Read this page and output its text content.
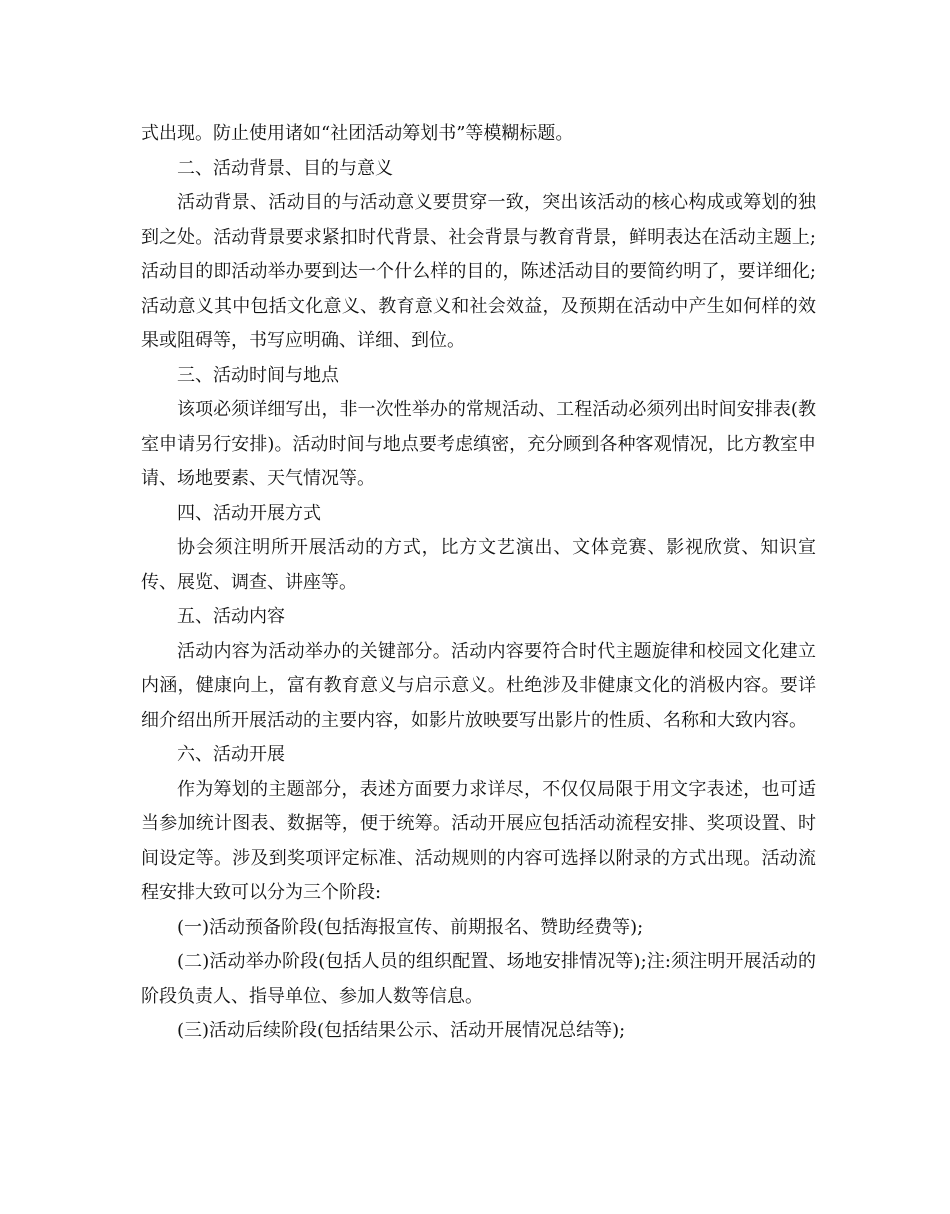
式出现。防止使用诸如“社团活动筹划书”等模糊标题。

二、活动背景、目的与意义

活动背景、活动目的与活动意义要贯穿一致，突出该活动的核心构成或筹划的独到之处。活动背景要求紧扣时代背景、社会背景与教育背景，鲜明表达在活动主题上;活动目的即活动举办要到达一个什么样的目的，陈述活动目的要简约明了，要详细化;活动意义其中包括文化意义、教育意义和社会效益，及预期在活动中产生如何样的效果或阻碍等，书写应明确、详细、到位。

三、活动时间与地点

该项必须详细写出，非一次性举办的常规活动、工程活动必须列出时间安排表(教室申请另行安排)。活动时间与地点要考虑缜密，充分顾到各种客观情况，比方教室申请、场地要素、天气情况等。

四、活动开展方式

协会须注明所开展活动的方式，比方文艺演出、文体竞赛、影视欣赏、知识宣传、展览、调查、讲座等。

五、活动内容

活动内容为活动举办的关键部分。活动内容要符合时代主题旋律和校园文化建立内涵，健康向上，富有教育意义与启示意义。杜绝涉及非健康文化的消极内容。要详细介绍出所开展活动的主要内容，如影片放映要写出影片的性质、名称和大致内容。

六、活动开展

作为筹划的主题部分，表述方面要力求详尽，不仅仅局限于用文字表述，也可适当参加统计图表、数据等，便于统筹。活动开展应包括活动流程安排、奖项设置、时间设定等。涉及到奖项评定标准、活动规则的内容可选择以附录的方式出现。活动流程安排大致可以分为三个阶段:

(一)活动预备阶段(包括海报宣传、前期报名、赞助经费等);

(二)活动举办阶段(包括人员的组织配置、场地安排情况等);注:须注明开展活动的阶段负责人、指导单位、参加人数等信息。

(三)活动后续阶段(包括结果公示、活动开展情况总结等);
